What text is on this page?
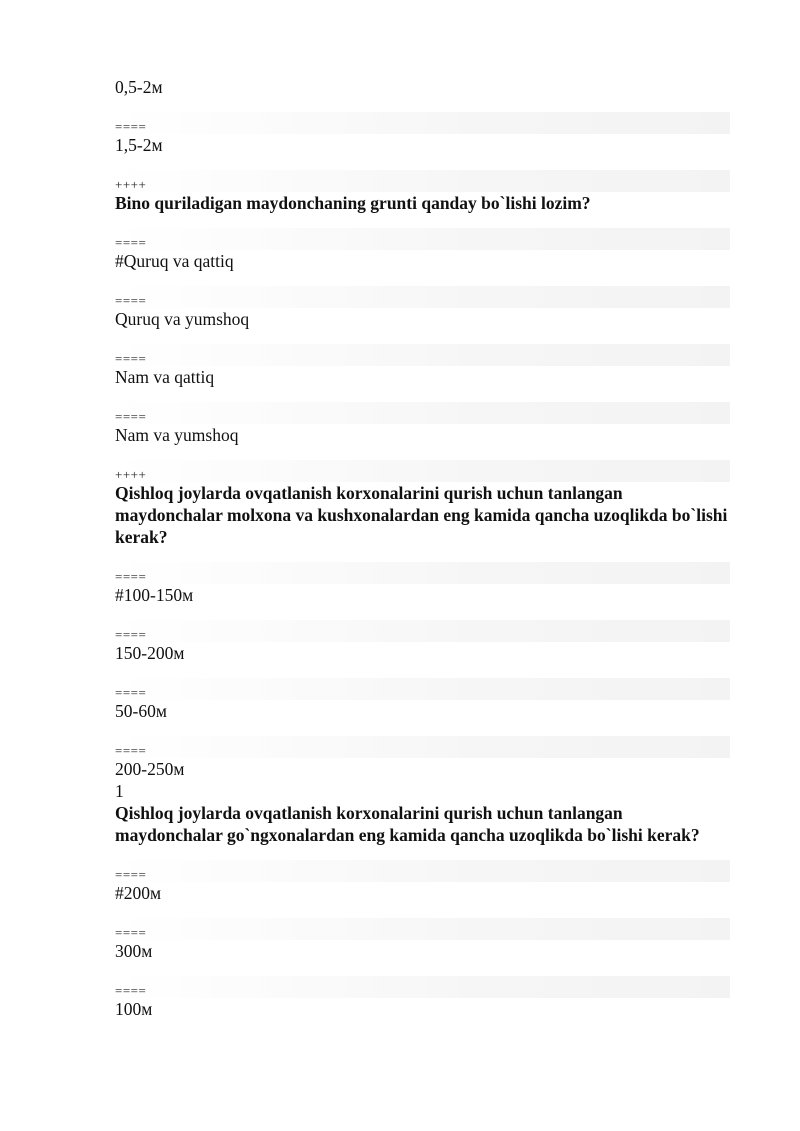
0,5-2м
====
1,5-2м
++++
Bino quriladigan maydonchaning grunti qanday bo`lishi lozim?
====
#Quruq va qattiq
====
Quruq va yumshoq
====
Nam va qattiq
====
Nam va yumshoq
++++
Qishloq joylarda ovqatlanish korxonalarini qurish uchun tanlangan maydonchalar molxona va kushxonalardan eng kamida qancha uzoqlikda bo`lishi kerak?
====
#100-150м
====
150-200м
====
50-60м
====
200-250м
1
Qishloq joylarda ovqatlanish korxonalarini qurish uchun tanlangan maydonchalar go`ngxonalardan eng kamida qancha uzoqlikda bo`lishi kerak?
====
#200м
====
300м
====
100м
